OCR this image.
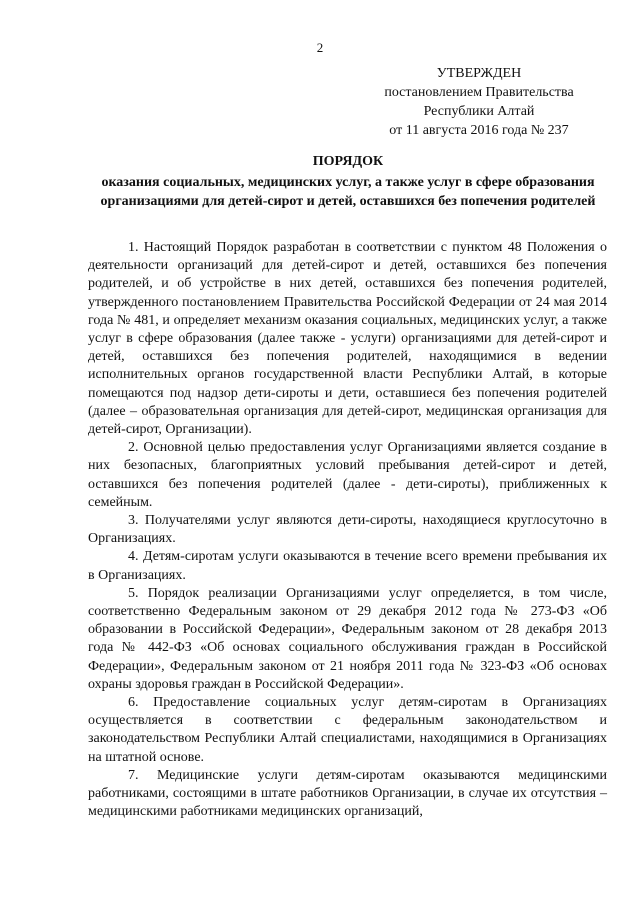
2
УТВЕРЖДЕН
постановлением Правительства
Республики Алтай
от 11 августа 2016 года № 237
ПОРЯДОК
оказания социальных, медицинских услуг, а также услуг в сфере образования организациями для детей-сирот и детей, оставшихся без попечения родителей

1. Настоящий Порядок разработан в соответствии с пунктом 48 Положения о деятельности организаций для детей-сирот и детей, оставшихся без попечения родителей, и об устройстве в них детей, оставшихся без попечения родителей, утвержденного постановлением Правительства Российской Федерации от 24 мая 2014 года № 481, и определяет механизм оказания социальных, медицинских услуг, а также услуг в сфере образования (далее также - услуги) организациями для детей-сирот и детей, оставшихся без попечения родителей, находящимися в ведении исполнительных органов государственной власти Республики Алтай, в которые помещаются под надзор дети-сироты и дети, оставшиеся без попечения родителей (далее – образовательная организация для детей-сирот, медицинская организация для детей-сирот, Организации).

2. Основной целью предоставления услуг Организациями является создание в них безопасных, благоприятных условий пребывания детей-сирот и детей, оставшихся без попечения родителей (далее - дети-сироты), приближенных к семейным.

3. Получателями услуг являются дети-сироты, находящиеся круглосуточно в Организациях.

4. Детям-сиротам услуги оказываются в течение всего времени пребывания их в Организациях.

5. Порядок реализации Организациями услуг определяется, в том числе, соответственно Федеральным законом от 29 декабря 2012 года № 273-ФЗ «Об образовании в Российской Федерации», Федеральным законом от 28 декабря 2013 года № 442-ФЗ «Об основах социального обслуживания граждан в Российской Федерации», Федеральным законом от 21 ноября 2011 года № 323-ФЗ «Об основах охраны здоровья граждан в Российской Федерации».

6. Предоставление социальных услуг детям-сиротам в Организациях осуществляется в соответствии с федеральным законодательством и законодательством Республики Алтай специалистами, находящимися в Организациях на штатной основе.

7. Медицинские услуги детям-сиротам оказываются медицинскими работниками, состоящими в штате работников Организации, в случае их отсутствия – медицинскими работниками медицинских организаций,
